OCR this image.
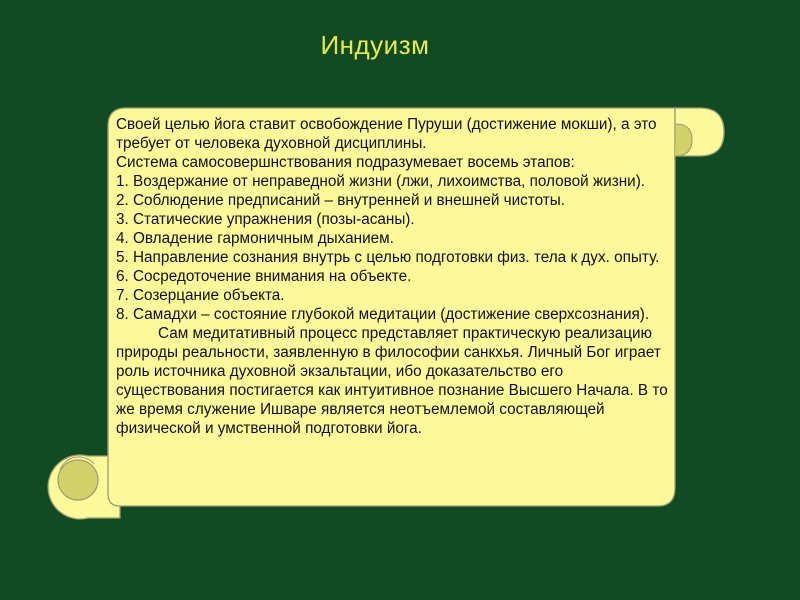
Индуизм

Своей целью йога ставит освобождение Пуруши (достижение мокши), а это требует от человека духовной дисциплины.

Система самосовершнствования подразумевает восемь этапов:

1. Воздержание от неправедной жизни (лжи, лихоимства, половой жизни).

2. Соблюдение предписаний – внутренней и внешней чистоты.

3. Статические упражнения (позы-асаны).

4. Овладение гармоничным дыханием.

5. Направление сознания внутрь с целью подготовки физ. тела к дух. опыту.

6. Сосредоточение внимания на объекте.

7. Созерцание объекта.

8. Самадхи – состояние глубокой медитации (достижение сверхсознания).

Сам медитативный процесс представляет практическую реализацию природы реальности, заявленную в философии санкхья. Личный Бог играет роль источника духовной экзальтации, ибо доказательство его существования постигается как интуитивное познание Высшего Начала. В то же время служение Ишваре является неотъемлемой составляющей физической и умственной подготовки йога.
